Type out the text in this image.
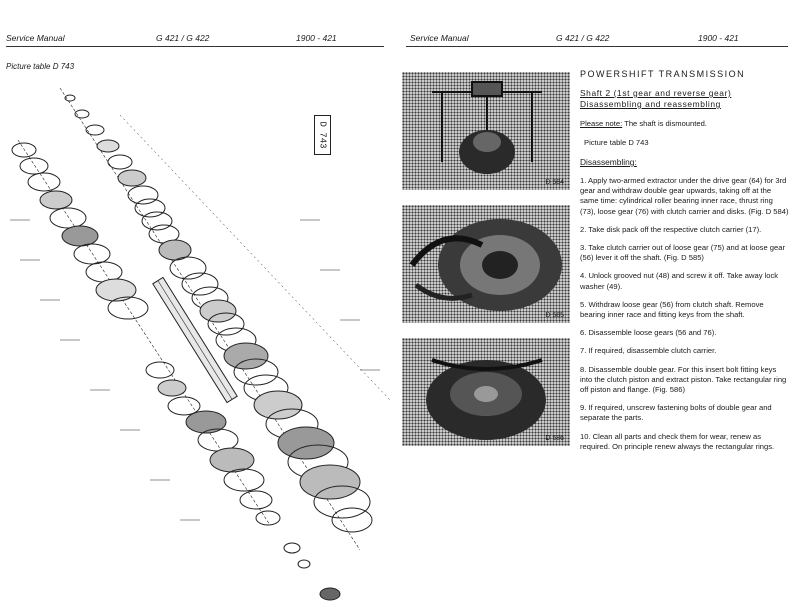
Service Manual	G 421 / G 422	1900 - 421
Picture table D 743
D 743
Service Manual	G 421 / G 422	1900 - 421
D 584
D 585
D 586
POWERSHIFT TRANSMISSION
Shaft 2 (1st gear and reverse gear)
Disassembling and reassembling
Please note: The shaft is dismounted.
Picture table D 743
Disassembling:

1. Apply two-armed extractor under the drive gear (64) for 3rd gear and withdraw double gear upwards, taking off at the same time: cylindrical roller bearing inner race, thrust ring (73), loose gear (76) with clutch carrier and disks. (Fig. D 584)

2. Take disk pack off the respective clutch carrier (17).

3. Take clutch carrier out of loose gear (75) and at loose gear (56) lever it off the shaft. (Fig. D 585)

4. Unlock grooved nut (48) and screw it off. Take away lock washer (49).

5. Withdraw loose gear (56) from clutch shaft. Remove bearing inner race and fitting keys from the shaft.

6. Disassemble loose gears (56 and 76).

7. If required, disassemble clutch carrier.

8. Disassemble double gear. For this insert bolt fitting keys into the clutch piston and extract piston. Take rectangular ring off piston and flange. (Fig. 586)

9. If required, unscrew fastening bolts of double gear and separate the parts.

10. Clean all parts and check them for wear, renew as required. On principle renew always the rectangular rings.
